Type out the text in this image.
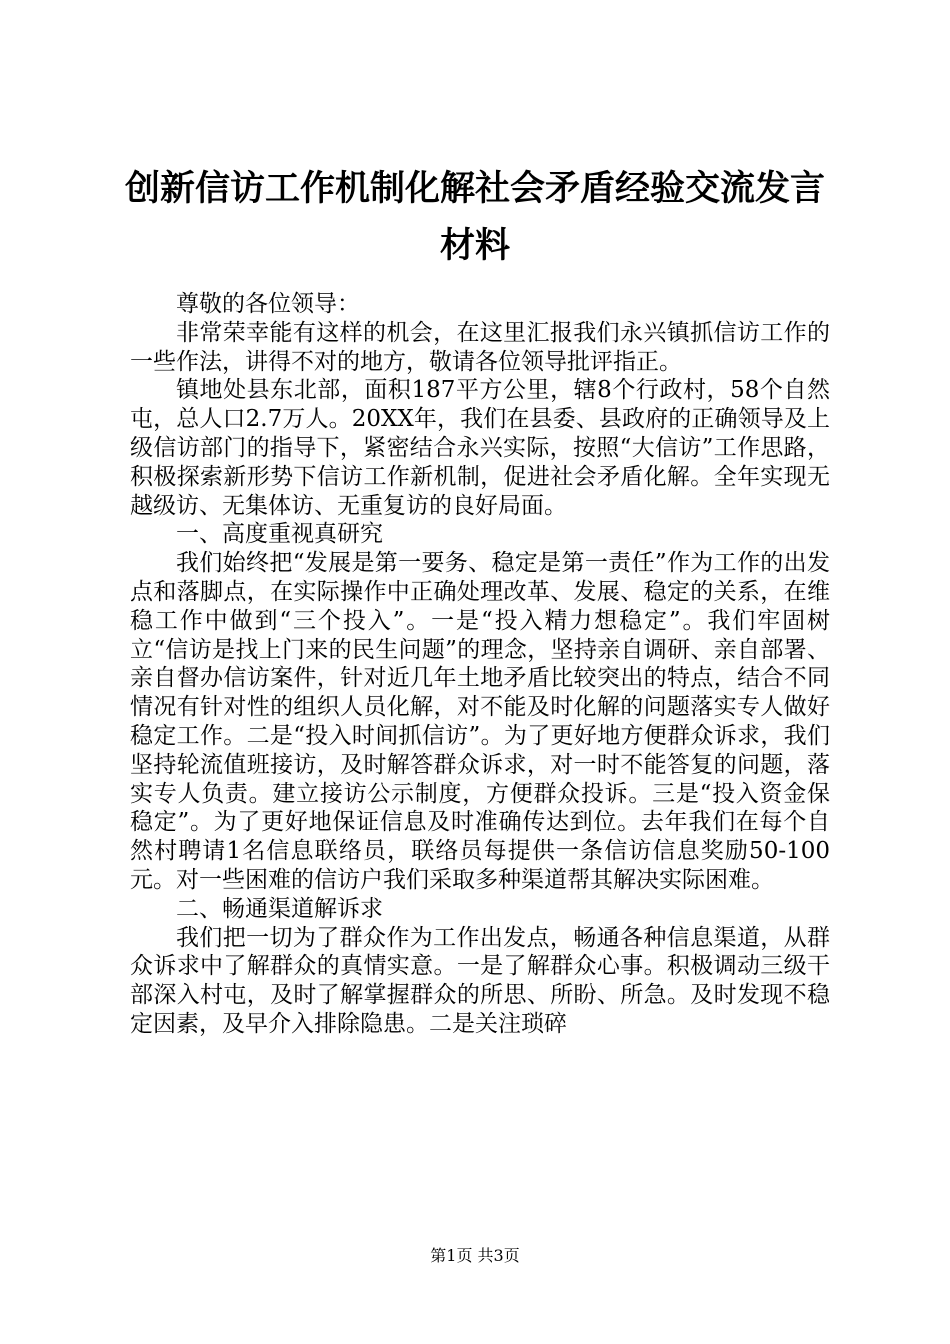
创新信访工作机制化解社会矛盾经验交流发言材料

尊敬的各位领导：

非常荣幸能有这样的机会，在这里汇报我们永兴镇抓信访工作的一些作法，讲得不对的地方，敬请各位领导批评指正。

镇地处县东北部，面积187平方公里，辖8个行政村，58个自然屯，总人口2.7万人。20XX年，我们在县委、县政府的正确领导及上级信访部门的指导下，紧密结合永兴实际，按照“大信访”工作思路，积极探索新形势下信访工作新机制，促进社会矛盾化解。全年实现无越级访、无集体访、无重复访的良好局面。

一、高度重视真研究

我们始终把“发展是第一要务、稳定是第一责任”作为工作的出发点和落脚点，在实际操作中正确处理改革、发展、稳定的关系，在维稳工作中做到“三个投入”。一是“投入精力想稳定”。我们牢固树立“信访是找上门来的民生问题”的理念，坚持亲自调研、亲自部署、亲自督办信访案件，针对近几年土地矛盾比较突出的特点，结合不同情况有针对性的组织人员化解，对不能及时化解的问题落实专人做好稳定工作。二是“投入时间抓信访”。为了更好地方便群众诉求，我们坚持轮流值班接访，及时解答群众诉求，对一时不能答复的问题，落实专人负责。建立接访公示制度，方便群众投诉。三是“投入资金保稳定”。为了更好地保证信息及时准确传达到位。去年我们在每个自然村聘请1名信息联络员，联络员每提供一条信访信息奖励50-100元。对一些困难的信访户我们采取多种渠道帮其解决实际困难。

二、畅通渠道解诉求

我们把一切为了群众作为工作出发点，畅通各种信息渠道，从群众诉求中了解群众的真情实意。一是了解群众心事。积极调动三级干部深入村屯，及时了解掌握群众的所思、所盼、所急。及时发现不稳定因素，及早介入排除隐患。二是关注琐碎

第1页 共3页
